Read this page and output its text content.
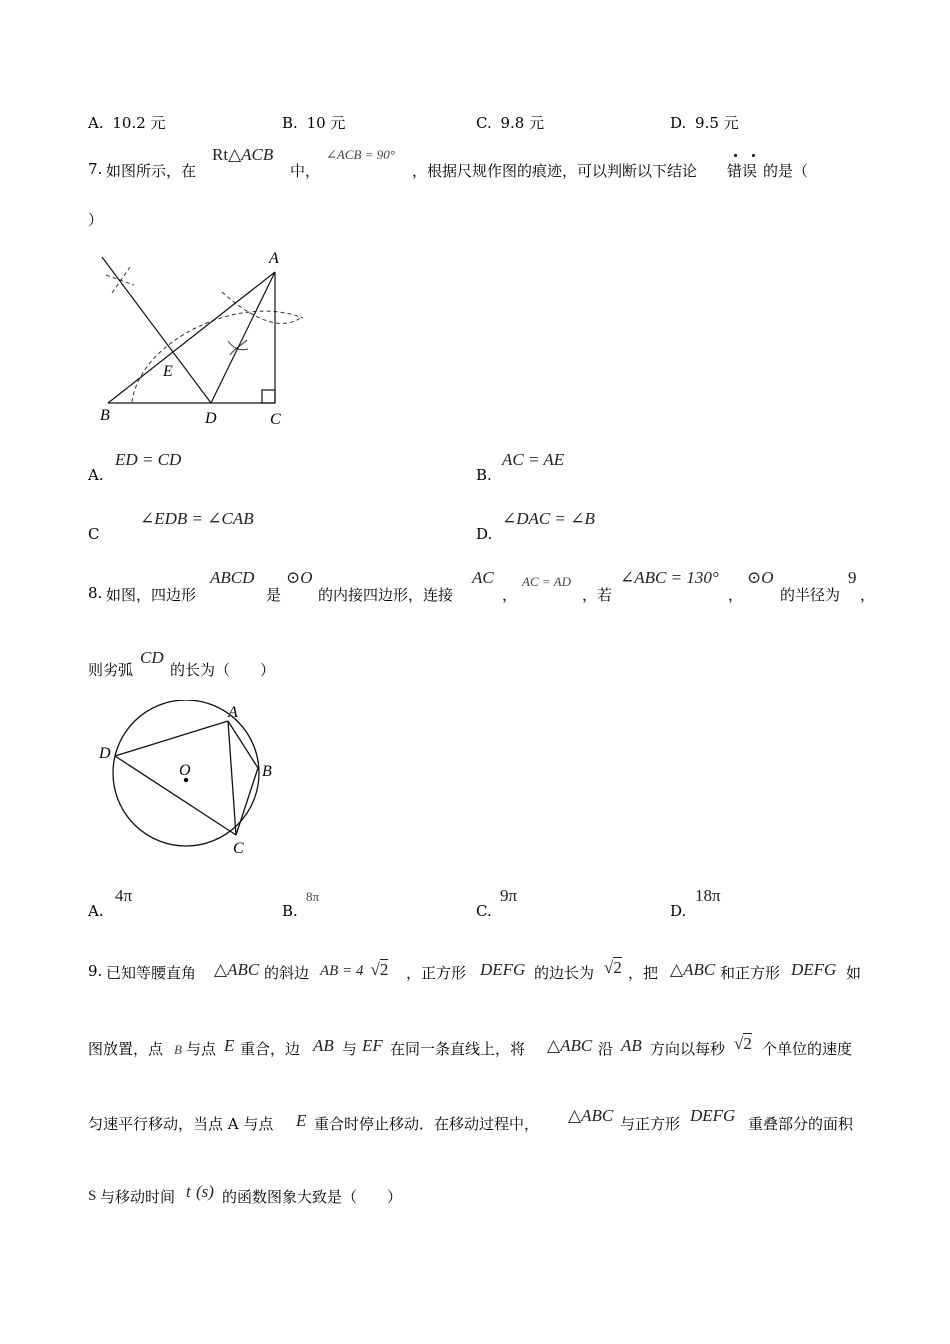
A. 10.2 元	B. 10 元	C. 9.8 元	D. 9.5 元
7. 如图所示，在
Rt△ACB
中，
∠ACB = 90°
，根据尺规作图的痕迹，可以判断以下结论 错误 的是（
）
A
E
B	D	C
A.
ED = CD
B.
AC = AE
C
∠EDB = ∠CAB
D.
∠DAC = ∠B
8. 如图，四边形
ABCD
是
⊙O
的内接四边形，连接
AC
，
AC = AD
，若
∠ABC = 130°
，
⊙O
的半径为
9
，
则劣弧
CD
的长为（　　）
A
D
O	B
C
A.
4π
B.
8π
C.
9π
D.
18π
9. 已知等腰直角 △ABC 的斜边 AB = 4 √2 ，正方形 DEFG 的边长为 √2 ，把 △ABC 和正方形 DEFG 如
图放置，点 B 与点 E 重合，边 AB 与 EF 在同一条直线上，将 △ABC 沿 AB 方向以每秒 √2 个单位的速度
匀速平行移动，当点 A 与点 E 重合时停止移动．在移动过程中， △ABC 与正方形 DEFG 重叠部分的面积
S 与移动时间 t (s) 的函数图象大致是（　　）
